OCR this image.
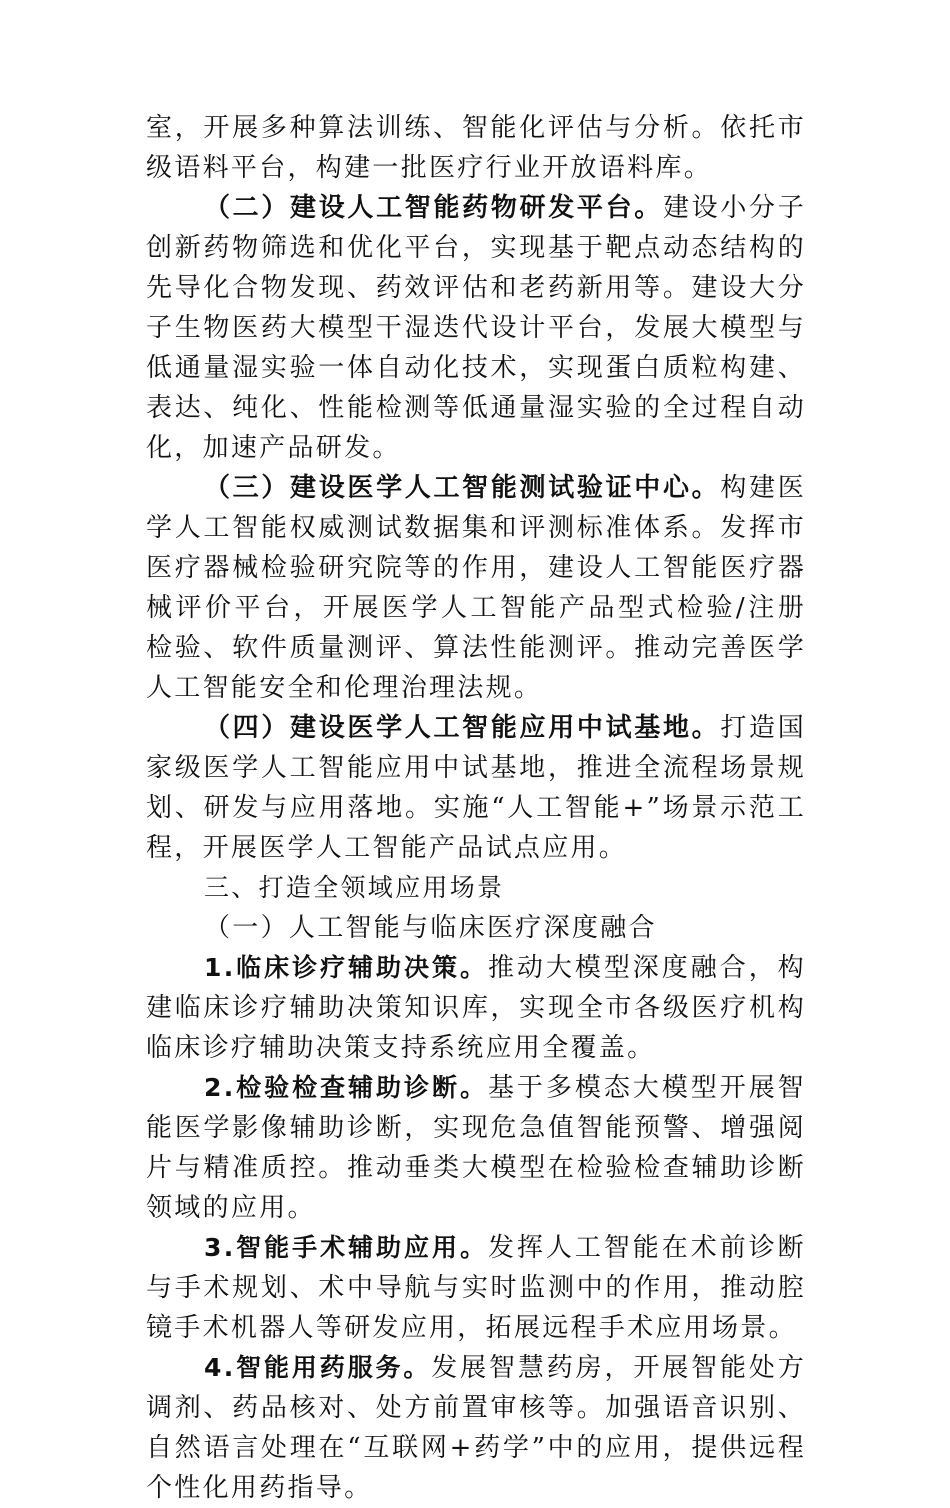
室，开展多种算法训练、智能化评估与分析。依托市级语料平台，构建一批医疗行业开放语料库。

（二）建设人工智能药物研发平台。建设小分子创新药物筛选和优化平台，实现基于靶点动态结构的先导化合物发现、药效评估和老药新用等。建设大分子生物医药大模型干湿迭代设计平台，发展大模型与低通量湿实验一体自动化技术，实现蛋白质粒构建、表达、纯化、性能检测等低通量湿实验的全过程自动化，加速产品研发。

（三）建设医学人工智能测试验证中心。构建医学人工智能权威测试数据集和评测标准体系。发挥市医疗器械检验研究院等的作用，建设人工智能医疗器械评价平台，开展医学人工智能产品型式检验/注册检验、软件质量测评、算法性能测评。推动完善医学人工智能安全和伦理治理法规。

（四）建设医学人工智能应用中试基地。打造国家级医学人工智能应用中试基地，推进全流程场景规划、研发与应用落地。实施“人工智能+”场景示范工程，开展医学人工智能产品试点应用。

三、打造全领域应用场景

（一）人工智能与临床医疗深度融合

1.临床诊疗辅助决策。推动大模型深度融合，构建临床诊疗辅助决策知识库，实现全市各级医疗机构临床诊疗辅助决策支持系统应用全覆盖。

2.检验检查辅助诊断。基于多模态大模型开展智能医学影像辅助诊断，实现危急值智能预警、增强阅片与精准质控。推动垂类大模型在检验检查辅助诊断领域的应用。

3.智能手术辅助应用。发挥人工智能在术前诊断与手术规划、术中导航与实时监测中的作用，推动腔镜手术机器人等研发应用，拓展远程手术应用场景。

4.智能用药服务。发展智慧药房，开展智能处方调剂、药品核对、处方前置审核等。加强语音识别、自然语言处理在“互联网+药学”中的应用，提供远程个性化用药指导。
